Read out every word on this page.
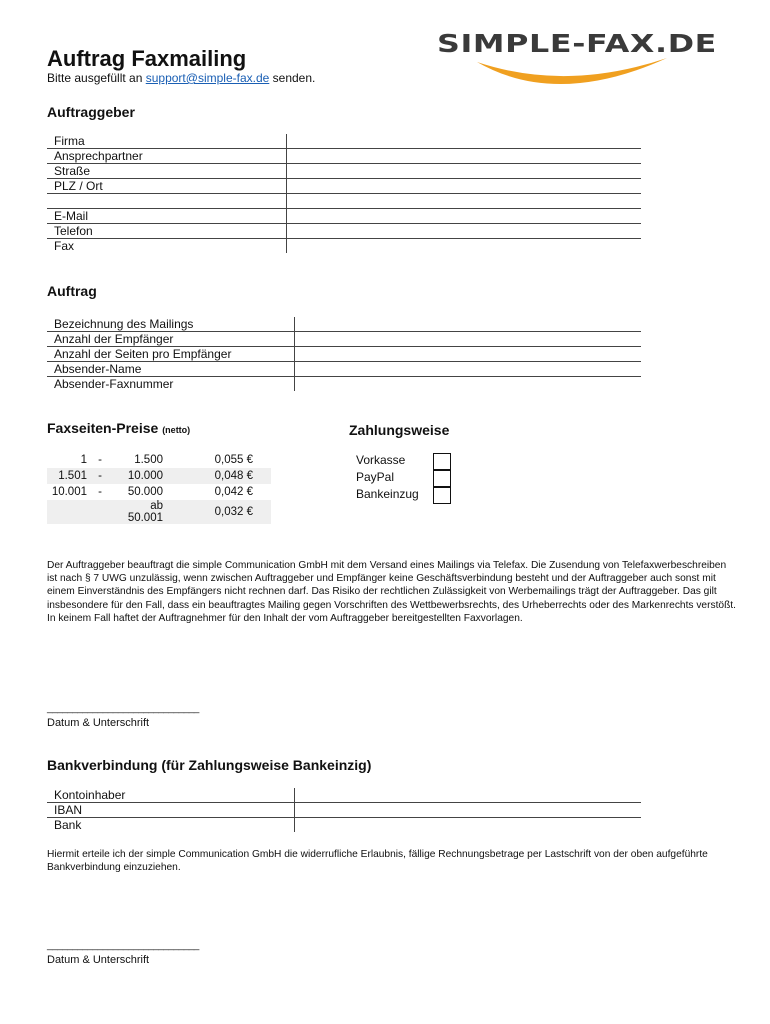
Auftrag Faxmailing
Bitte ausgefüllt an support@simple-fax.de senden.
SIMPLE-FAX.DE
Auftraggeber
Firma	
Ansprechpartner	
Straße	
PLZ / Ort	

E-Mail	
Telefon	
Fax	
Auftrag
Bezeichnung des Mailings	
Anzahl der Empfänger	
Anzahl der Seiten pro Empfänger	
Absender-Name	
Absender-Faxnummer	
Faxseiten-Preise (netto)
1	-	1.500	0,055 €
1.501	-	10.000	0,048 €
10.001	-	50.000	0,042 €
		ab 50.001	0,032 €
Zahlungsweise
Vorkasse
PayPal
Bankeinzug
Der Auftraggeber beauftragt die simple Communication GmbH mit dem Versand eines Mailings via Telefax. Die Zusendung von Telefaxwerbeschreiben ist nach § 7 UWG unzulässig, wenn zwischen Auftraggeber und Empfänger keine Geschäftsverbindung besteht und der Auftraggeber auch sonst mit einem Einverständnis des Empfängers nicht rechnen darf. Das Risiko der rechtlichen Zulässigkeit von Werbemailings trägt der Auftraggeber. Das gilt insbesondere für den Fall, dass ein beauftragtes Mailing gegen Vorschriften des Wettbewerbsrechts, des Urheberrechts oder des Markenrechts verstößt. In keinem Fall haftet der Auftragnehmer für den Inhalt der vom Auftraggeber bereitgestellten Faxvorlagen.
______________________________
Datum & Unterschrift
Bankverbindung (für Zahlungsweise Bankeinzig)
Kontoinhaber	
IBAN	
Bank	
Hiermit erteile ich der simple Communication GmbH die widerrufliche Erlaubnis, fällige Rechnungsbetrage per Lastschrift von der oben aufgeführte Bankverbindung einzuziehen.
______________________________
Datum & Unterschrift
